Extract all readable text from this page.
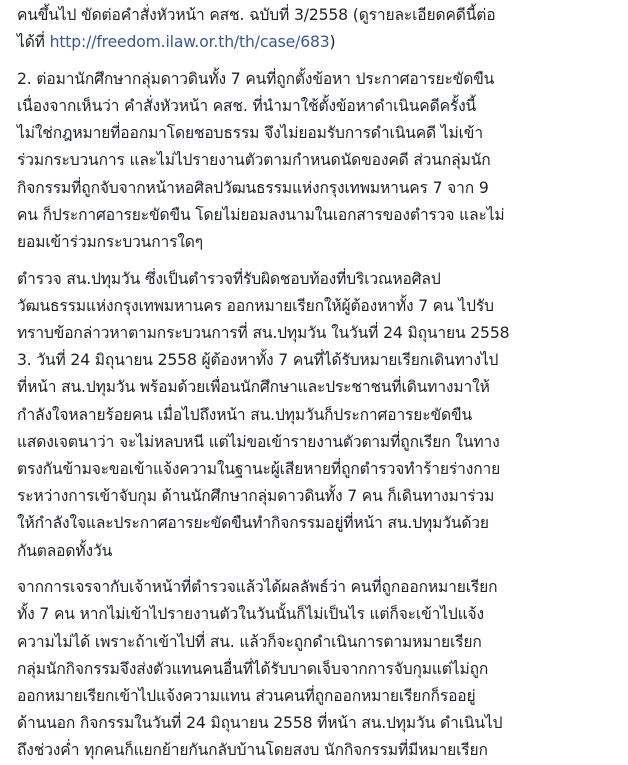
คนขึ้นไป ขัดต่อคำสั่งหัวหน้า คสช. ฉบับที่ 3/2558 (ดูรายละเอียดคดีนี้ต่อ
ได้ที่ http://freedom.ilaw.or.th/th/case/683)
2. ต่อมานักศึกษากลุ่มดาวดินทั้ง 7 คนที่ถูกตั้งข้อหา ประกาศอารยะขัดขืน
เนื่องจากเห็นว่า คำสั่งหัวหน้า คสช. ที่นำมาใช้ตั้งข้อหาดำเนินคดีครั้งนี้
ไม่ใช่กฎหมายที่ออกมาโดยชอบธรรม จึงไม่ยอมรับการดำเนินคดี ไม่เข้า
ร่วมกระบวนการ และไม่ไปรายงานตัวตามกำหนดนัดของคดี ส่วนกลุ่มนัก
กิจกรรมที่ถูกจับจากหน้าหอศิลปวัฒนธรรมแห่งกรุงเทพมหานคร 7 จาก 9
คน ก็ประกาศอารยะขัดขืน โดยไม่ยอมลงนามในเอกสารของตำรวจ และไม่
ยอมเข้าร่วมกระบวนการใดๆ
ตำรวจ สน.ปทุมวัน ซึ่งเป็นตำรวจที่รับผิดชอบท้องที่บริเวณหอศิลป
วัฒนธรรมแห่งกรุงเทพมหานคร ออกหมายเรียกให้ผู้ต้องหาทั้ง 7 คน ไปรับ
ทราบข้อกล่าวหาตามกระบวนการที่ สน.ปทุมวัน ในวันที่ 24 มิถุนายน 2558
3. วันที่ 24 มิถุนายน 2558 ผู้ต้องหาทั้ง 7 คนที่ได้รับหมายเรียกเดินทางไป
ที่หน้า สน.ปทุมวัน พร้อมด้วยเพื่อนนักศึกษาและประชาชนที่เดินทางมาให้
กำลังใจหลายร้อยคน เมื่อไปถึงหน้า สน.ปทุมวันก็ประกาศอารยะขัดขืน
แสดงเจตนาว่า จะไม่หลบหนี แต่ไม่ขอเข้ารายงานตัวตามที่ถูกเรียก ในทาง
ตรงกันข้ามจะขอเข้าแจ้งความในฐานะผู้เสียหายที่ถูกตำรวจทำร้ายร่างกาย
ระหว่างการเข้าจับกุม ด้านนักศึกษากลุ่มดาวดินทั้ง 7 คน ก็เดินทางมาร่วม
ให้กำลังใจและประกาศอารยะขัดขืนทำกิจกรรมอยู่ที่หน้า สน.ปทุมวันด้วย
กันตลอดทั้งวัน
จากการเจรจากับเจ้าหน้าที่ตำรวจแล้วได้ผลลัพธ์ว่า คนที่ถูกออกหมายเรียก
ทั้ง 7 คน หากไม่เข้าไปรายงานตัวในวันนั้นก็ไม่เป็นไร แต่ก็จะเข้าไปแจ้ง
ความไม่ได้ เพราะถ้าเข้าไปที่ สน. แล้วก็จะถูกดำเนินการตามหมายเรียก
กลุ่มนักกิจกรรมจึงส่งตัวแทนคนอื่นที่ได้รับบาดเจ็บจากการจับกุมแต่ไม่ถูก
ออกหมายเรียกเข้าไปแจ้งความแทน ส่วนคนที่ถูกออกหมายเรียกก็รออยู่
ด้านนอก กิจกรรมในวันที่ 24 มิถุนายน 2558 ที่หน้า สน.ปทุมวัน ดำเนินไป
ถึงช่วงค่ำ ทุกคนก็แยกย้ายกันกลับบ้านโดยสงบ นักกิจกรรมที่มีหมายเรียก
